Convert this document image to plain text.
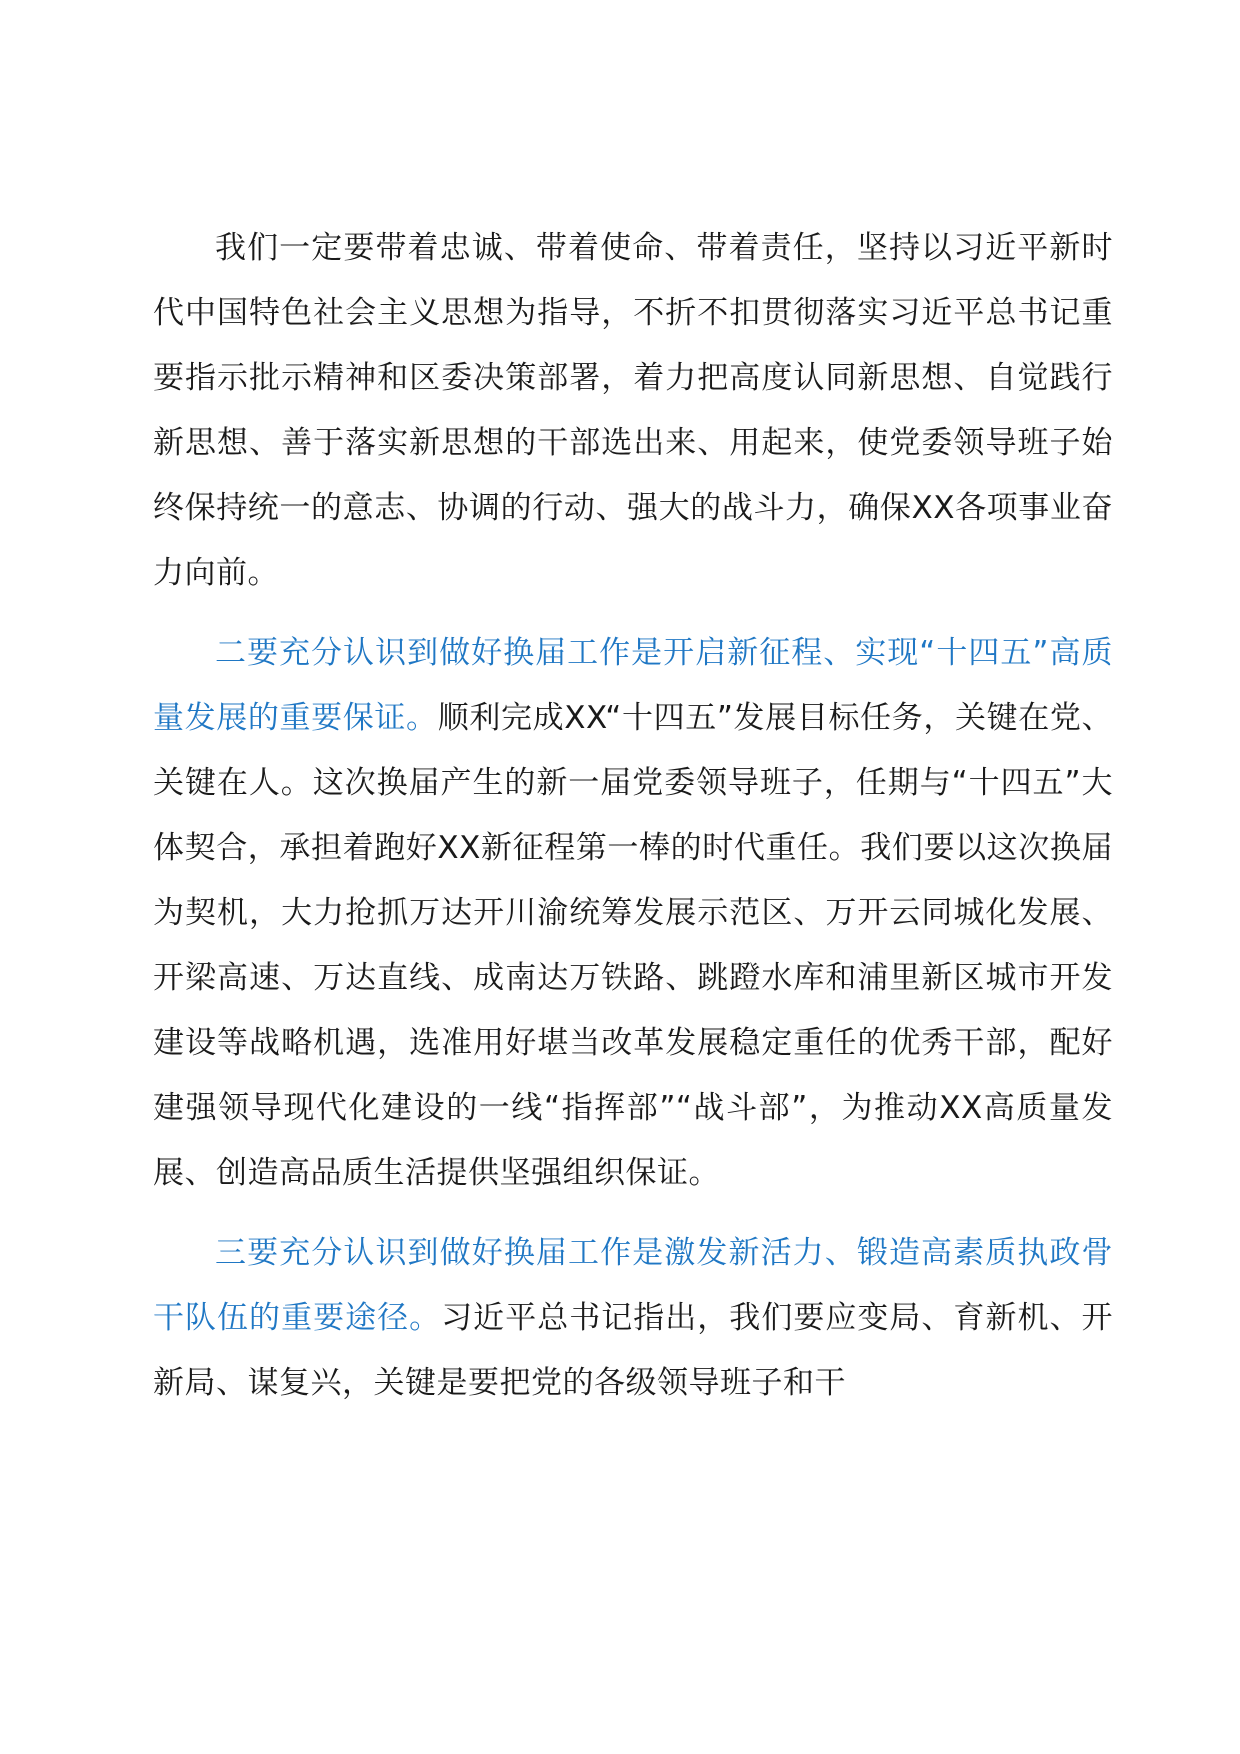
我们一定要带着忠诚、带着使命、带着责任，坚持以习近平新时代中国特色社会主义思想为指导，不折不扣贯彻落实习近平总书记重要指示批示精神和区委决策部署，着力把高度认同新思想、自觉践行新思想、善于落实新思想的干部选出来、用起来，使党委领导班子始终保持统一的意志、协调的行动、强大的战斗力，确保XX各项事业奋力向前。

二要充分认识到做好换届工作是开启新征程、实现“十四五”高质量发展的重要保证。顺利完成XX“十四五”发展目标任务，关键在党、关键在人。这次换届产生的新一届党委领导班子，任期与“十四五”大体契合，承担着跑好XX新征程第一棒的时代重任。我们要以这次换届为契机，大力抢抓万达开川渝统筹发展示范区、万开云同城化发展、开梁高速、万达直线、成南达万铁路、跳蹬水库和浦里新区城市开发建设等战略机遇，选准用好堪当改革发展稳定重任的优秀干部，配好建强领导现代化建设的一线“指挥部”“战斗部”，为推动XX高质量发展、创造高品质生活提供坚强组织保证。

三要充分认识到做好换届工作是激发新活力、锻造高素质执政骨干队伍的重要途径。习近平总书记指出，我们要应变局、育新机、开新局、谋复兴，关键是要把党的各级领导班子和干
